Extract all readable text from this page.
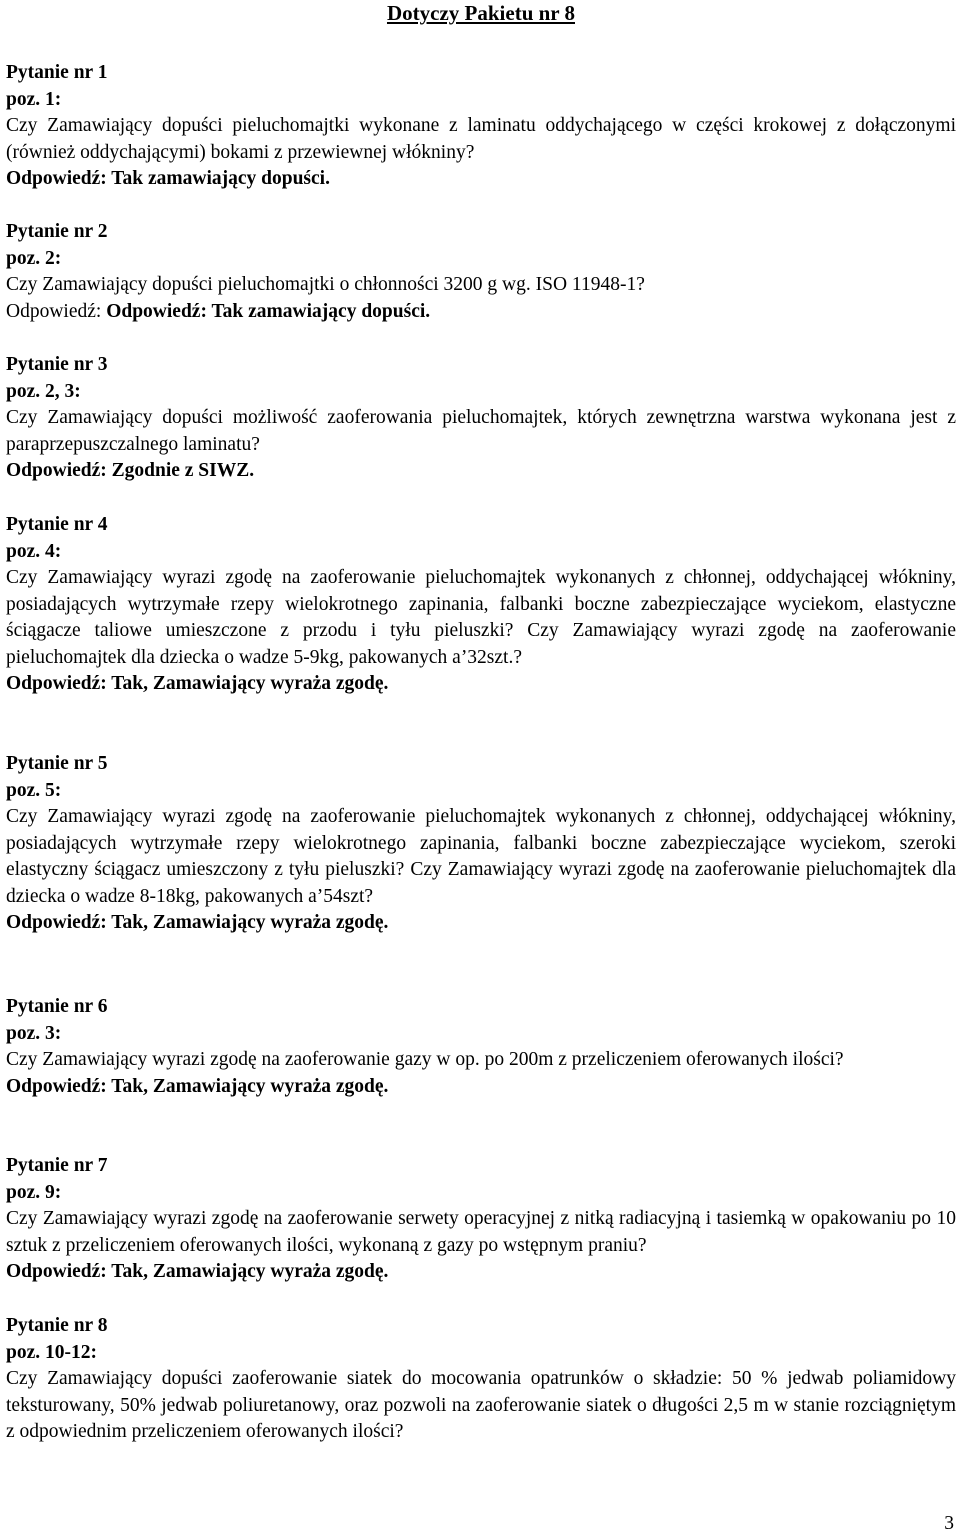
Dotyczy Pakietu nr 8

Pytanie nr 1

poz. 1:

Czy Zamawiający dopuści pieluchomajtki wykonane z laminatu oddychającego w części krokowej z dołączonymi (również oddychającymi) bokami z przewiewnej włókniny?

Odpowiedź: Tak zamawiający dopuści.

Pytanie nr 2

poz. 2:

Czy Zamawiający dopuści pieluchomajtki o chłonności 3200 g wg. ISO 11948-1?

Odpowiedź: Odpowiedź: Tak zamawiający dopuści.

Pytanie nr 3

poz. 2, 3:

Czy Zamawiający dopuści możliwość zaoferowania pieluchomajtek, których zewnętrzna warstwa wykonana jest z paraprzepuszczalnego laminatu?

Odpowiedź: Zgodnie z SIWZ.

Pytanie nr 4

poz. 4:

Czy Zamawiający wyrazi zgodę na zaoferowanie pieluchomajtek wykonanych z chłonnej, oddychającej włókniny, posiadających wytrzymałe rzepy wielokrotnego zapinania, falbanki boczne zabezpieczające wyciekom, elastyczne ściągacze taliowe umieszczone z przodu i tyłu pieluszki? Czy Zamawiający wyrazi zgodę na zaoferowanie pieluchomajtek dla dziecka o wadze 5-9kg, pakowanych a’32szt.?

Odpowiedź: Tak, Zamawiający wyraża zgodę.

Pytanie nr 5

poz. 5:

Czy Zamawiający wyrazi zgodę na zaoferowanie pieluchomajtek wykonanych z chłonnej, oddychającej włókniny, posiadających wytrzymałe rzepy wielokrotnego zapinania, falbanki boczne zabezpieczające wyciekom, szeroki elastyczny ściągacz umieszczony z tyłu pieluszki? Czy Zamawiający wyrazi zgodę na zaoferowanie pieluchomajtek dla dziecka o wadze 8-18kg, pakowanych a’54szt?

Odpowiedź: Tak, Zamawiający wyraża zgodę.

Pytanie nr 6

poz. 3:

Czy Zamawiający wyrazi zgodę na zaoferowanie gazy w op. po 200m z przeliczeniem oferowanych ilości?

Odpowiedź: Tak, Zamawiający wyraża zgodę.

Pytanie nr 7

poz. 9:

Czy Zamawiający wyrazi zgodę na zaoferowanie serwety operacyjnej z nitką radiacyjną i tasiemką w opakowaniu po 10 sztuk z przeliczeniem oferowanych ilości, wykonaną z gazy po wstępnym praniu?

Odpowiedź: Tak, Zamawiający wyraża zgodę.

Pytanie nr 8

poz. 10-12:

Czy Zamawiający dopuści zaoferowanie siatek do mocowania opatrunków o składzie: 50 % jedwab poliamidowy teksturowany, 50% jedwab poliuretanowy, oraz pozwoli na zaoferowanie siatek o długości 2,5 m w stanie rozciągniętym z odpowiednim przeliczeniem oferowanych ilości?

3
